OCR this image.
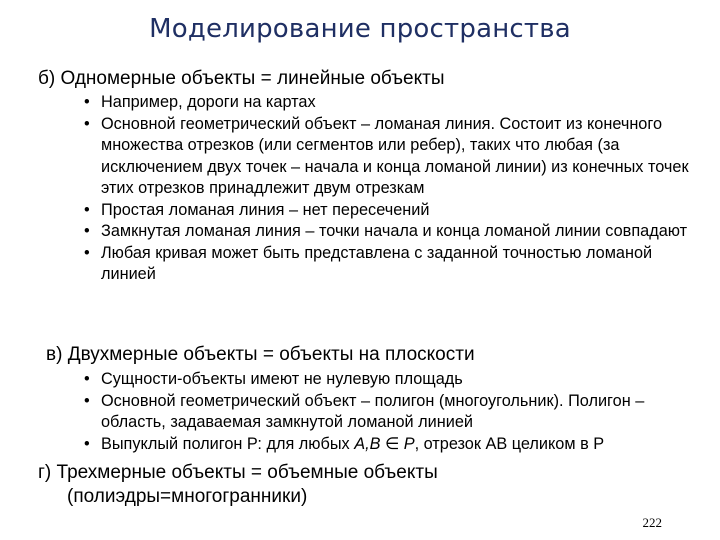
Моделирование пространства
б) Одномерные объекты = линейные объекты
• Например, дороги на картах
• Основной геометрический объект – ломаная линия. Состоит из конечного множества отрезков (или сегментов или ребер), таких что любая (за исключением двух точек – начала и конца ломаной линии) из конечных точек этих отрезков принадлежит двум отрезкам
• Простая ломаная линия – нет пересечений
• Замкнутая ломаная линия – точки начала и конца ломаной линии совпадают
• Любая кривая может быть представлена с заданной точностью ломаной линией
в) Двухмерные объекты = объекты на плоскости
• Сущности-объекты имеют не нулевую площадь
• Основной геометрический объект – полигон (многоугольник). Полигон – область, задаваемая замкнутой ломаной линией
• Выпуклый полигон Р: для любых A,B ∈ P, отрезок АВ целиком в Р
г) Трехмерные объекты = объемные объекты
(полиэдры=многогранники)
222
